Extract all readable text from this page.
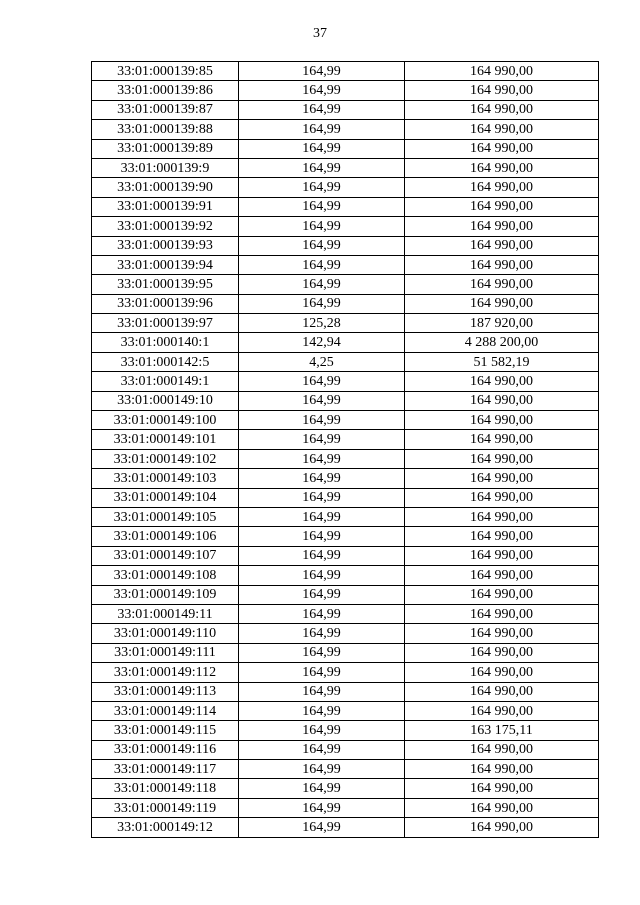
37
33:01:000139:85	164,99	164 990,00
33:01:000139:86	164,99	164 990,00
33:01:000139:87	164,99	164 990,00
33:01:000139:88	164,99	164 990,00
33:01:000139:89	164,99	164 990,00
33:01:000139:9	164,99	164 990,00
33:01:000139:90	164,99	164 990,00
33:01:000139:91	164,99	164 990,00
33:01:000139:92	164,99	164 990,00
33:01:000139:93	164,99	164 990,00
33:01:000139:94	164,99	164 990,00
33:01:000139:95	164,99	164 990,00
33:01:000139:96	164,99	164 990,00
33:01:000139:97	125,28	187 920,00
33:01:000140:1	142,94	4 288 200,00
33:01:000142:5	4,25	51 582,19
33:01:000149:1	164,99	164 990,00
33:01:000149:10	164,99	164 990,00
33:01:000149:100	164,99	164 990,00
33:01:000149:101	164,99	164 990,00
33:01:000149:102	164,99	164 990,00
33:01:000149:103	164,99	164 990,00
33:01:000149:104	164,99	164 990,00
33:01:000149:105	164,99	164 990,00
33:01:000149:106	164,99	164 990,00
33:01:000149:107	164,99	164 990,00
33:01:000149:108	164,99	164 990,00
33:01:000149:109	164,99	164 990,00
33:01:000149:11	164,99	164 990,00
33:01:000149:110	164,99	164 990,00
33:01:000149:111	164,99	164 990,00
33:01:000149:112	164,99	164 990,00
33:01:000149:113	164,99	164 990,00
33:01:000149:114	164,99	164 990,00
33:01:000149:115	164,99	163 175,11
33:01:000149:116	164,99	164 990,00
33:01:000149:117	164,99	164 990,00
33:01:000149:118	164,99	164 990,00
33:01:000149:119	164,99	164 990,00
33:01:000149:12	164,99	164 990,00
